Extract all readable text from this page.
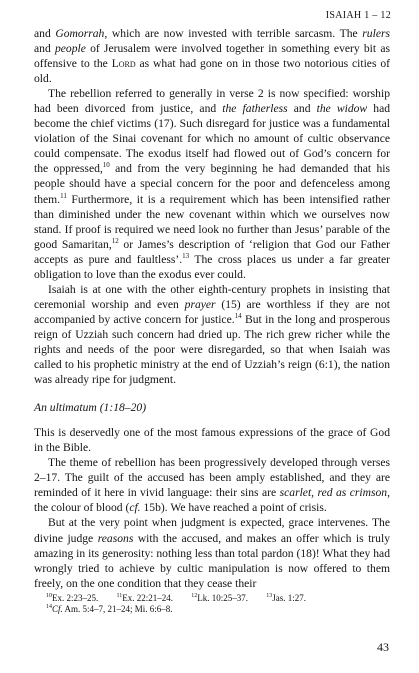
ISAIAH 1 – 12

and Gomorrah, which are now invested with terrible sarcasm. The rulers and people of Jerusalem were involved together in something every bit as offensive to the Lord as what had gone on in those two notorious cities of old.

The rebellion referred to generally in verse 2 is now specified: worship had been divorced from justice, and the fatherless and the widow had become the chief victims (17). Such disregard for justice was a fundamental violation of the Sinai covenant for which no amount of cultic observance could compensate. The exodus itself had flowed out of God’s concern for the oppressed,$^{10}$ and from the very beginning he had demanded that his people should have a special concern for the poor and defenceless among them.$^{11}$ Furthermore, it is a requirement which has been intensified rather than diminished under the new covenant within which we ourselves now stand. If proof is required we need look no further than Jesus’ parable of the good Samaritan,$^{12}$ or James’s description of ‘religion that God our Father accepts as pure and faultless’.$^{13}$ The cross places us under a far greater obligation to love than the exodus ever could.

Isaiah is at one with the other eighth-century prophets in insisting that ceremonial worship and even prayer (15) are worthless if they are not accompanied by active concern for justice.$^{14}$ But in the long and prosperous reign of Uzziah such concern had dried up. The rich grew richer while the rights and needs of the poor were disregarded, so that when Isaiah was called to his prophetic ministry at the end of Uzziah’s reign (6:1), the nation was already ripe for judgment.

An ultimatum (1:18–20)

This is deservedly one of the most famous expressions of the grace of God in the Bible.

The theme of rebellion has been progressively developed through verses 2–17. The guilt of the accused has been amply established, and they are reminded of it here in vivid language: their sins are scarlet, red as crimson, the colour of blood (cf. 15b). We have reached a point of crisis.

But at the very point when judgment is expected, grace intervenes. The divine judge reasons with the accused, and makes an offer which is truly amazing in its generosity: nothing less than total pardon (18)! What they had wrongly tried to achieve by cultic manipulation is now offered to them freely, on the one condition that they cease their

$^{10}$Ex. 2:23–25.	$^{11}$Ex. 22:21–24.	$^{12}$Lk. 10:25–37.	$^{13}$Jas. 1:27.
$^{14}$Cf. Am. 5:4–7, 21–24; Mi. 6:6–8.
43
